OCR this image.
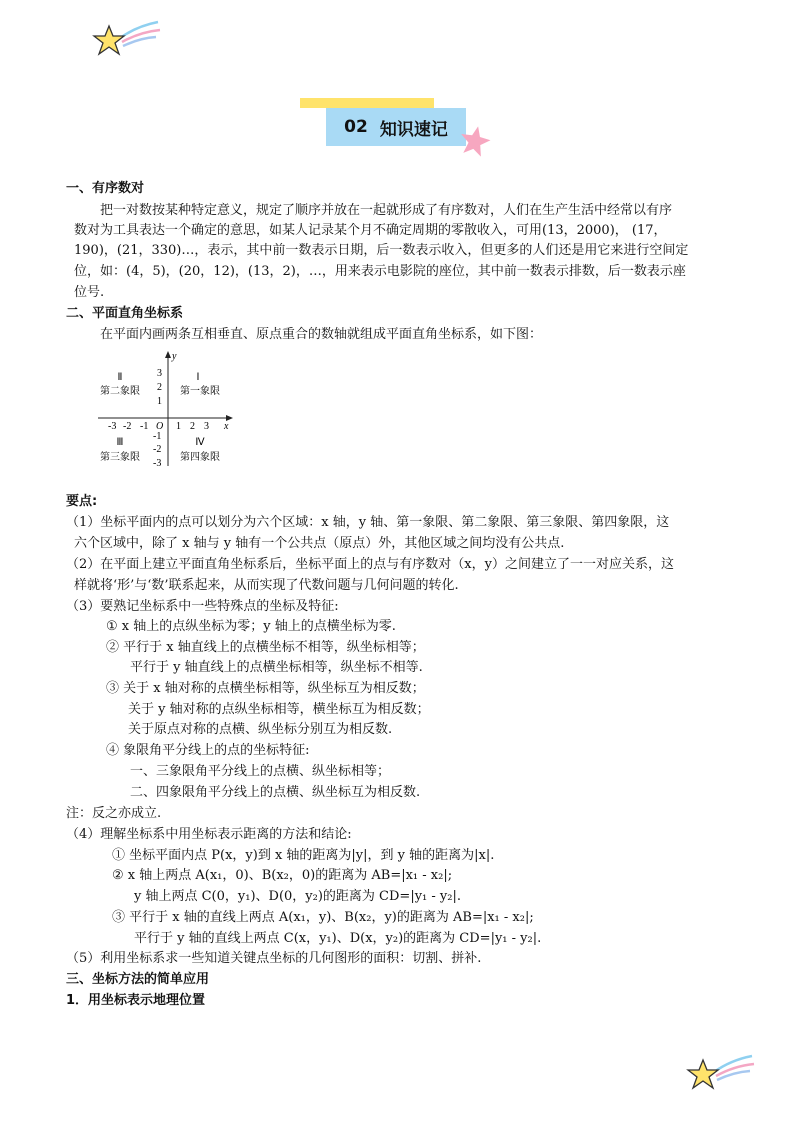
02 知识速记
一、有序数对
把一对数按某种特定意义，规定了顺序并放在一起就形成了有序数对，人们在生产生活中经常以有序
数对为工具表达一个确定的意思，如某人记录某个月不确定周期的零散收入，可用(13，2000)， (17，
190)，(21，330)…，表示，其中前一数表示日期，后一数表示收入，但更多的人们还是用它来进行空间定
位，如：(4，5)，(20，12)，(13，2)，…，用来表示电影院的座位，其中前一数表示排数，后一数表示座
位号.
二、平面直角坐标系
在平面内画两条互相垂直、原点重合的数轴就组成平面直角坐标系，如下图：
y
x
O
-3 -2 -1	1 2 3
3
2
1
-1
-2
-3
Ⅰ
第一象限
Ⅱ
第二象限
Ⅲ
第三象限
Ⅳ
第四象限
要点:
（1）坐标平面内的点可以划分为六个区域：x 轴，y 轴、第一象限、第二象限、第三象限、第四象限，这
六个区域中，除了 x 轴与 y 轴有一个公共点（原点）外，其他区域之间均没有公共点.
（2）在平面上建立平面直角坐标系后，坐标平面上的点与有序数对（x，y）之间建立了一一对应关系，这
样就将‘形’与‘数’联系起来，从而实现了代数问题与几何问题的转化.
（3）要熟记坐标系中一些特殊点的坐标及特征:
① x 轴上的点纵坐标为零；y 轴上的点横坐标为零.
② 平行于 x 轴直线上的点横坐标不相等，纵坐标相等；
平行于 y 轴直线上的点横坐标相等，纵坐标不相等.
③ 关于 x 轴对称的点横坐标相等，纵坐标互为相反数；
关于 y 轴对称的点纵坐标相等，横坐标互为相反数；
关于原点对称的点横、纵坐标分别互为相反数.
④ 象限角平分线上的点的坐标特征:
一、三象限角平分线上的点横、纵坐标相等；
二、四象限角平分线上的点横、纵坐标互为相反数.
注：反之亦成立.
（4）理解坐标系中用坐标表示距离的方法和结论:
① 坐标平面内点 P(x，y)到 x 轴的距离为|y|，到 y 轴的距离为|x|.
② x 轴上两点 A(x₁，0)、B(x₂，0)的距离为 AB=|x₁ - x₂|;
y 轴上两点 C(0，y₁)、D(0，y₂)的距离为 CD=|y₁ - y₂|.
③ 平行于 x 轴的直线上两点 A(x₁，y)、B(x₂，y)的距离为 AB=|x₁ - x₂|;
平行于 y 轴的直线上两点 C(x，y₁)、D(x，y₂)的距离为 CD=|y₁ - y₂|.
（5）利用坐标系求一些知道关键点坐标的几何图形的面积：切割、拼补.
三、坐标方法的简单应用
1．用坐标表示地理位置
